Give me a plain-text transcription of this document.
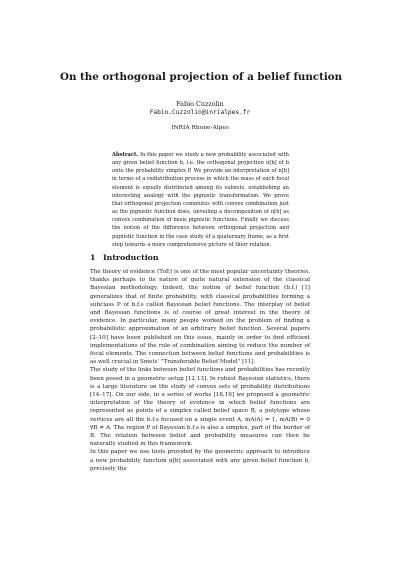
On the orthogonal projection of a belief function
Fabio Cuzzolin
Fabio.Cuzzolin@inrialpes.fr
INRIA Rhone-Alpes

Abstract. In this paper we study a new probability associated with any given belief function b, i.e. the orthogonal projection π[b] of b onto the probability simplex P. We provide an interpretation of π[b] in terms of a redistribution process in which the mass of each focal element is equally distributed among its subsets, establishing an interesting analogy with the pignistic transformation. We prove that orthogonal projection commutes with convex combination just as the pignistic function does, unveiling a decomposition of π[b] as convex combination of basis pignistic functions. Finally we discuss the notion of the difference between orthogonal projection and pignistic function in the case study of a quaternary frame, as a first step towards a more comprehensive picture of their relation.

1 Introduction

The theory of evidence (ToE) is one of the most popular uncertainty theories, thanks perhaps to its nature of quite natural extension of the classical Bayesian methodology. Indeed, the notion of belief function (b.f.) [1] generalizes that of finite probability, with classical probabilities forming a subclass P of b.f.s called Bayesian belief functions. The interplay of belief and Bayesian functions is of course of great interest in the theory of evidence. In particular, many people worked on the problem of finding a probabilistic approximation of an arbitrary belief function. Several papers [2–10] have been published on this issue, mainly in order to find efficient implementations of the rule of combination aiming to reduce the number of focal elements. The connection between belief functions and probabilities is as well crucial in Smets' "Transferable Belief Model" [11].

The study of the links between belief functions and probabilities has recently been posed in a geometric setup [12,13]. In robust Bayesian statistics, there is a large literature on the study of convex sets of probability distributions [14–17]. On our side, in a series of works [18,19] we proposed a geometric interpretation of the theory of evidence in which belief functions are represented as points of a simplex called belief space B, a polytope whose vertices are all the b.f.s focused on a single event A, mA(A) = 1, mA(B) = 0 ∀B ≠ A. The region P of Bayesian b.f.s is also a simplex, part of the border of B. The relation between belief and probability measures can then be naturally studied in this framework.

In this paper we use tools provided by the geometric approach to introduce a new probability function π[b] associated with any given belief function b, precisely the
